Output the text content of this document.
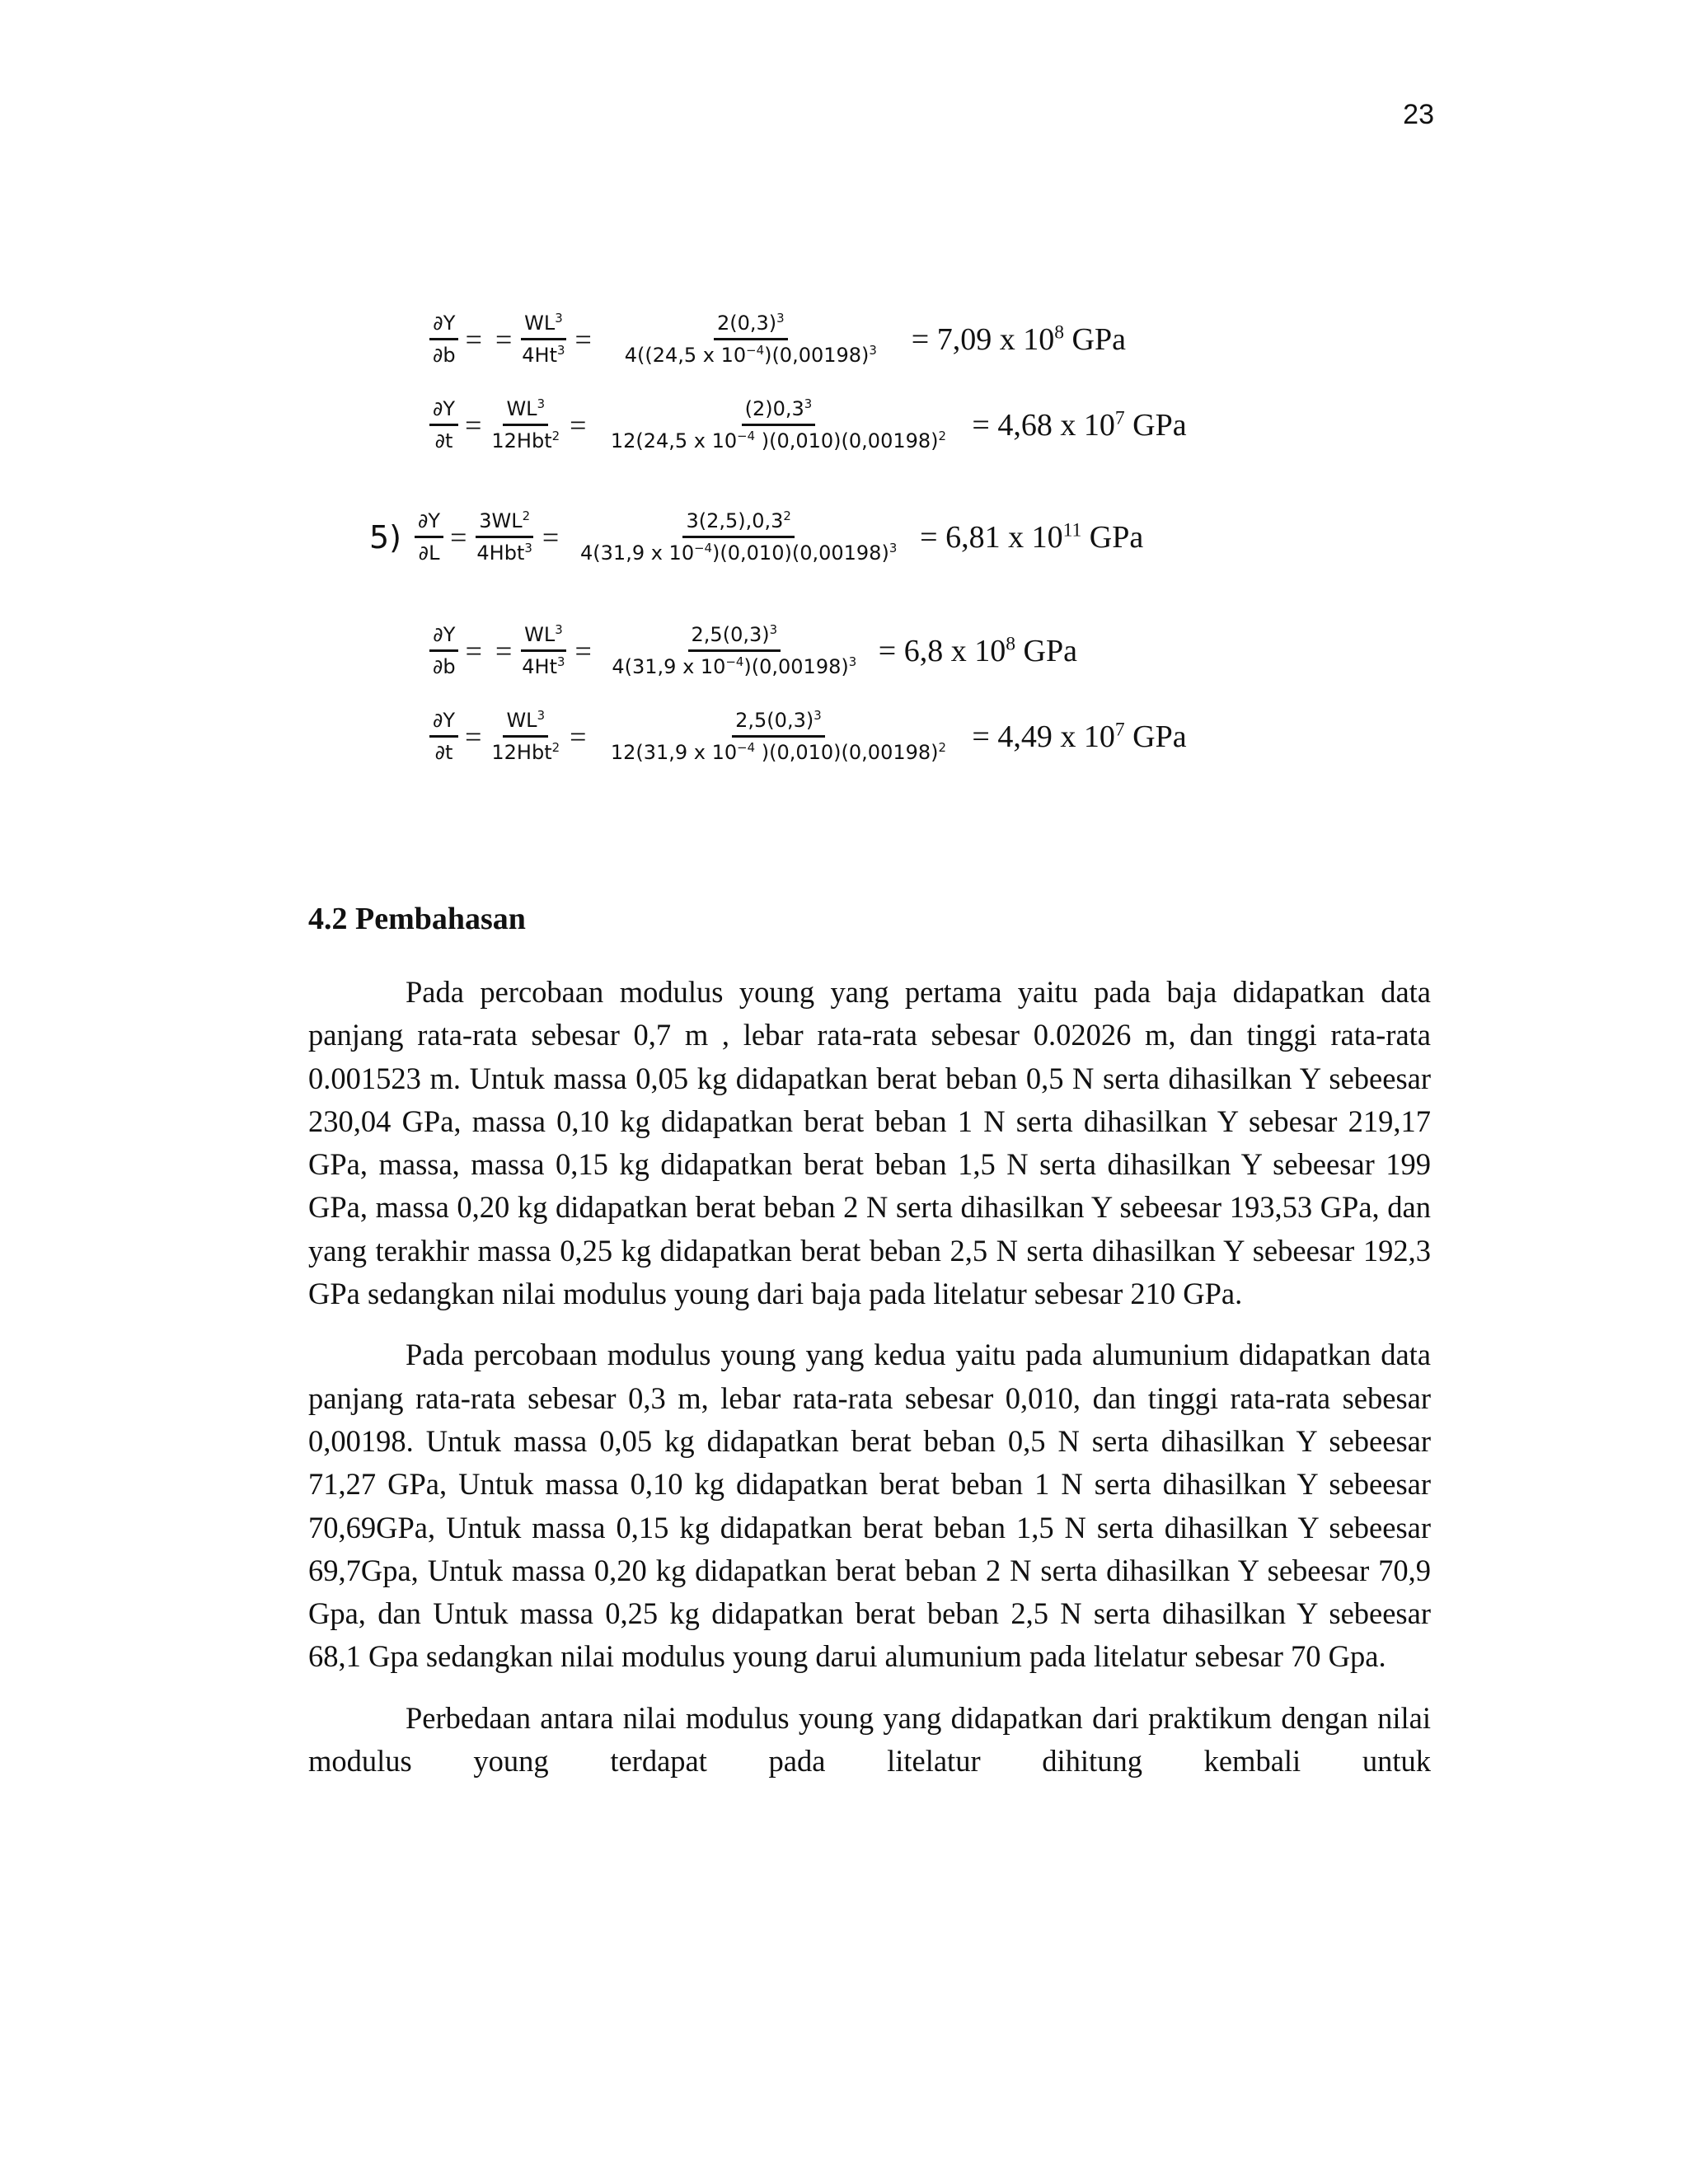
23
$\frac{\partial Y}{\partial b}$ = = $\frac{WL^3}{4Ht^3} = \frac{2(0,3)^3}{4((24,5 x 10^{-4})(0,00198)^3} = 7,09$ x $10^8$ GPa
$\frac{\partial Y}{\partial t} = \frac{WL^3}{12Hbt^2} = \frac{(2)0,3^3}{12(24,5 x 10^{-4} )(0,010)(0,00198)^2} = 4,68$ x $10^7$ GPa
$5) \frac{\partial Y}{\partial L} = \frac{3WL^2}{4Hbt^3} = \frac{3(2,5),0,3^2}{4(31,9 x 10^{-4})(0,010)(0,00198)^3} = 6,81$ x $10^{11}$ GPa
$\frac{\partial Y}{\partial b}$ = = $\frac{WL^3}{4Ht^3} = \frac{2,5(0,3)^3}{4(31,9 x 10^{-4})(0,00198)^3} = 6,8$ x $10^8$ GPa
$\frac{\partial Y}{\partial t} = \frac{WL^3}{12Hbt^2} = \frac{2,5(0,3)^3}{12(31,9 x 10^{-4} )(0,010)(0,00198)^2} = 4,49$ x $10^7$ GPa
4.2 Pembahasan

Pada percobaan modulus young yang pertama yaitu pada baja didapatkan data panjang rata-rata sebesar 0,7 m , lebar rata-rata sebesar 0.02026 m, dan tinggi rata-rata 0.001523 m. Untuk massa 0,05 kg didapatkan berat beban 0,5 N serta dihasilkan Y sebeesar 230,04 GPa, massa 0,10 kg didapatkan berat beban 1 N serta dihasilkan Y sebesar 219,17 GPa, massa, massa 0,15 kg didapatkan berat beban 1,5 N serta dihasilkan Y sebeesar 199 GPa, massa 0,20 kg didapatkan berat beban 2 N serta dihasilkan Y sebeesar 193,53 GPa, dan yang terakhir massa 0,25 kg didapatkan berat beban 2,5 N serta dihasilkan Y sebeesar 192,3 GPa sedangkan nilai modulus young dari baja pada litelatur sebesar 210 GPa.

Pada percobaan modulus young yang kedua yaitu pada alumunium didapatkan data panjang rata-rata sebesar 0,3 m, lebar rata-rata sebesar 0,010, dan tinggi rata-rata sebesar 0,00198. Untuk massa 0,05 kg didapatkan berat beban 0,5 N serta dihasilkan Y sebeesar 71,27 GPa, Untuk massa 0,10 kg didapatkan berat beban 1 N serta dihasilkan Y sebeesar 70,69GPa, Untuk massa 0,15 kg didapatkan berat beban 1,5 N serta dihasilkan Y sebeesar 69,7Gpa, Untuk massa 0,20 kg didapatkan berat beban 2 N serta dihasilkan Y sebeesar 70,9 Gpa, dan Untuk massa 0,25 kg didapatkan berat beban 2,5 N serta dihasilkan Y sebeesar 68,1 Gpa sedangkan nilai modulus young darui alumunium pada litelatur sebesar 70 Gpa.

Perbedaan antara nilai modulus young yang didapatkan dari praktikum dengan nilai modulus young terdapat pada litelatur dihitung kembali untuk
